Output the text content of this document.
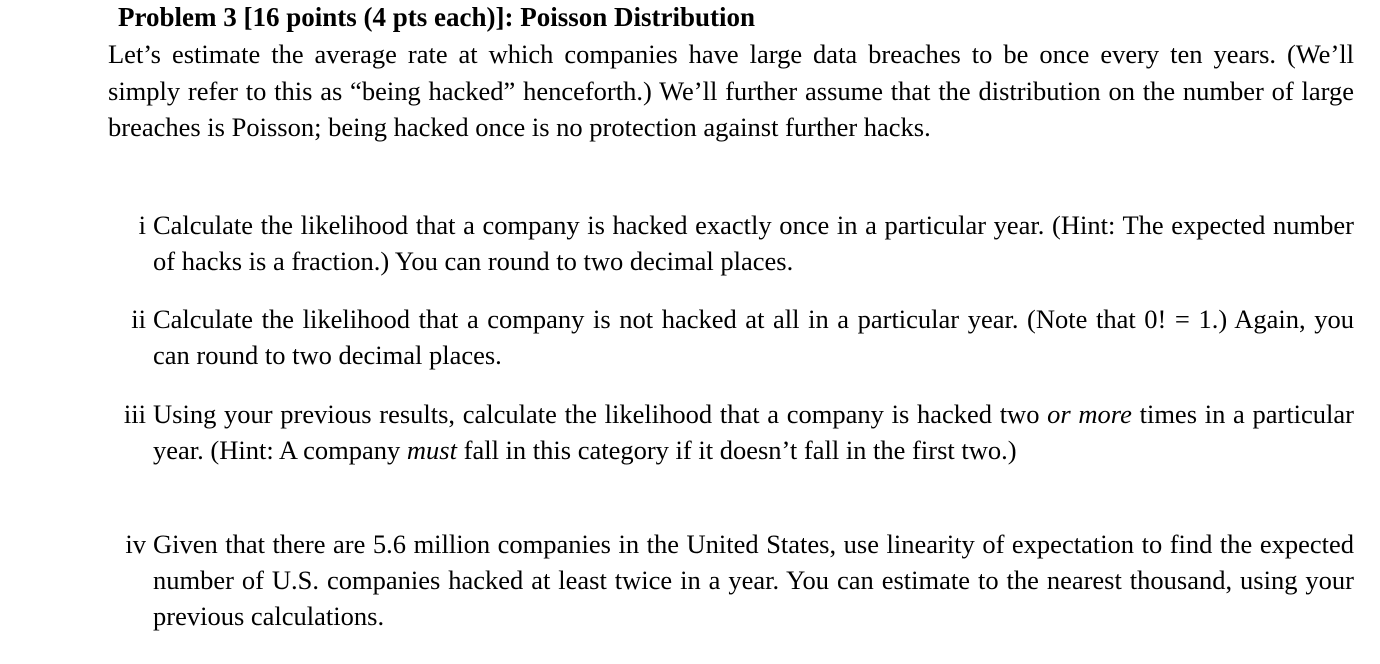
Problem 3 [16 points (4 pts each)]: Poisson Distribution
Let’s estimate the average rate at which companies have large data breaches to be once every ten years. (We’ll simply refer to this as “being hacked” henceforth.) We’ll further assume that the distribution on the number of large breaches is Poisson; being hacked once is no protection against further hacks.
i Calculate the likelihood that a company is hacked exactly once in a particular year. (Hint: The expected number of hacks is a fraction.) You can round to two decimal places.
ii Calculate the likelihood that a company is not hacked at all in a particular year. (Note that 0! = 1.) Again, you can round to two decimal places.
iii Using your previous results, calculate the likelihood that a company is hacked two or more times in a particular year. (Hint: A company must fall in this category if it doesn’t fall in the first two.)
iv Given that there are 5.6 million companies in the United States, use linearity of expectation to find the expected number of U.S. companies hacked at least twice in a year. You can estimate to the nearest thousand, using your previous calculations.
